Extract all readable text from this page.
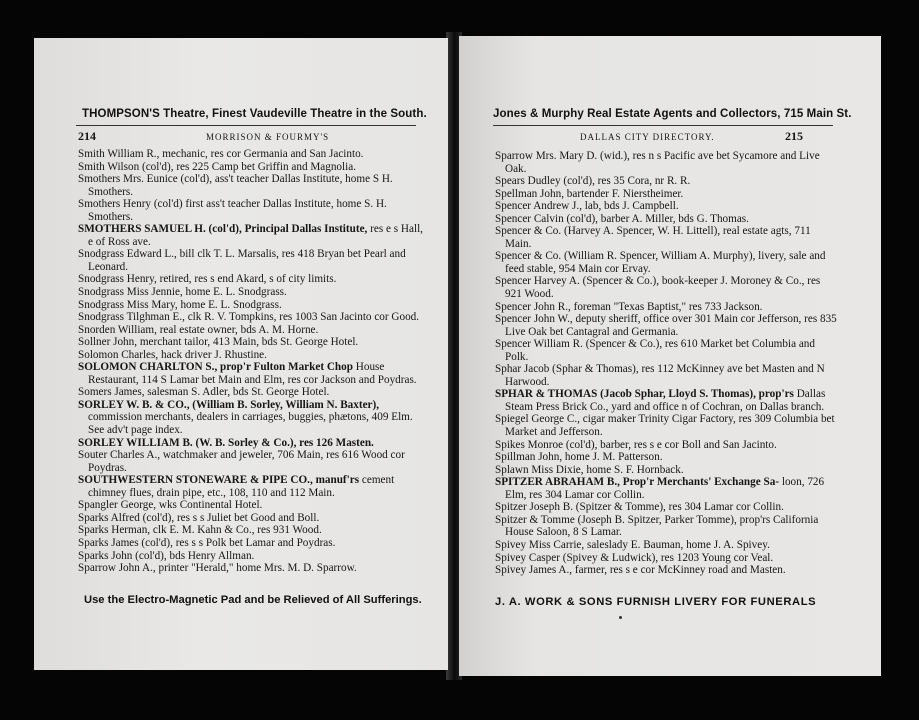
THOMPSON'S Theatre, Finest Vaudeville Theatre in the South.
214	MORRISON & FOURMY'S
Smith William R., mechanic, res cor Germania and San Jacinto.
Smith Wilson (col'd), res 225 Camp bet Griffin and Magnolia.
Smothers Mrs. Eunice (col'd), ass't teacher Dallas Institute, home S H. Smothers.
Smothers Henry (col'd) first ass't teacher Dallas Institute, home S. H. Smothers.
SMOTHERS SAMUEL H. (col'd), Principal Dallas Institute, res e s Hall, e of Ross ave.
Snodgrass Edward L., bill clk T. L. Marsalis, res 418 Bryan bet Pearl and Leonard.
Snodgrass Henry, retired, res s end Akard, s of city limits.
Snodgrass Miss Jennie, home E. L. Snodgrass.
Snodgrass Miss Mary, home E. L. Snodgrass.
Snodgrass Tilghman E., clk R. V. Tompkins, res 1003 San Jacinto cor Good.
Snorden William, real estate owner, bds A. M. Horne.
Sollner John, merchant tailor, 413 Main, bds St. George Hotel.
Solomon Charles, hack driver J. Rhustine.
SOLOMON CHARLTON S., prop'r Fulton Market Chop House Restaurant, 114 S Lamar bet Main and Elm, res cor Jackson and Poydras.
Somers James, salesman S. Adler, bds St. George Hotel.
SORLEY W. B. & CO., (William B. Sorley, William N. Baxter), commission merchants, dealers in carriages, buggies, phætons, 409 Elm. See adv't page index.
SORLEY WILLIAM B. (W. B. Sorley & Co.), res 126 Masten.
Souter Charles A., watchmaker and jeweler, 706 Main, res 616 Wood cor Poydras.
SOUTHWESTERN STONEWARE & PIPE CO., manuf'rs cement chimney flues, drain pipe, etc., 108, 110 and 112 Main.
Spangler George, wks Continental Hotel.
Sparks Alfred (col'd), res s s Juliet bet Good and Boll.
Sparks Herman, clk E. M. Kahn & Co., res 931 Wood.
Sparks James (col'd), res s s Polk bet Lamar and Poydras.
Sparks John (col'd), bds Henry Allman.
Sparrow John A., printer "Herald," home Mrs. M. D. Sparrow.
Use the Electro-Magnetic Pad and be Relieved of All Sufferings.
Jones & Murphy Real Estate Agents and Collectors, 715 Main St.
DALLAS CITY DIRECTORY.	215
Sparrow Mrs. Mary D. (wid.), res n s Pacific ave bet Sycamore and Live Oak.
Spears Dudley (col'd), res 35 Cora, nr R. R.
Spellman John, bartender F. Nierstheimer.
Spencer Andrew J., lab, bds J. Campbell.
Spencer Calvin (col'd), barber A. Miller, bds G. Thomas.
Spencer & Co. (Harvey A. Spencer, W. H. Littell), real estate agts, 711 Main.
Spencer & Co. (William R. Spencer, William A. Murphy), livery, sale and feed stable, 954 Main cor Ervay.
Spencer Harvey A. (Spencer & Co.), book-keeper J. Moroney & Co., res 921 Wood.
Spencer John R., foreman "Texas Baptist," res 733 Jackson.
Spencer John W., deputy sheriff, office over 301 Main cor Jefferson, res 835 Live Oak bet Cantagral and Germania.
Spencer William R. (Spencer & Co.), res 610 Market bet Columbia and Polk.
Sphar Jacob (Sphar & Thomas), res 112 McKinney ave bet Masten and N Harwood.
SPHAR & THOMAS (Jacob Sphar, Lloyd S. Thomas), prop'rs Dallas Steam Press Brick Co., yard and office n of Cochran, on Dallas branch.
Spiegel George C., cigar maker Trinity Cigar Factory, res 309 Columbia bet Market and Jefferson.
Spikes Monroe (col'd), barber, res s e cor Boll and San Jacinto.
Spillman John, home J. M. Patterson.
Splawn Miss Dixie, home S. F. Hornback.
SPITZER ABRAHAM B., Prop'r Merchants' Exchange Sa- loon, 726 Elm, res 304 Lamar cor Collin.
Spitzer Joseph B. (Spitzer & Tomme), res 304 Lamar cor Collin.
Spitzer & Tomme (Joseph B. Spitzer, Parker Tomme), prop'rs California House Saloon, 8 S Lamar.
Spivey Miss Carrie, saleslady E. Bauman, home J. A. Spivey.
Spivey Casper (Spivey & Ludwick), res 1203 Young cor Veal.
Spivey James A., farmer, res s e cor McKinney road and Masten.
J. A. WORK & SONS FURNISH LIVERY FOR FUNERALS
